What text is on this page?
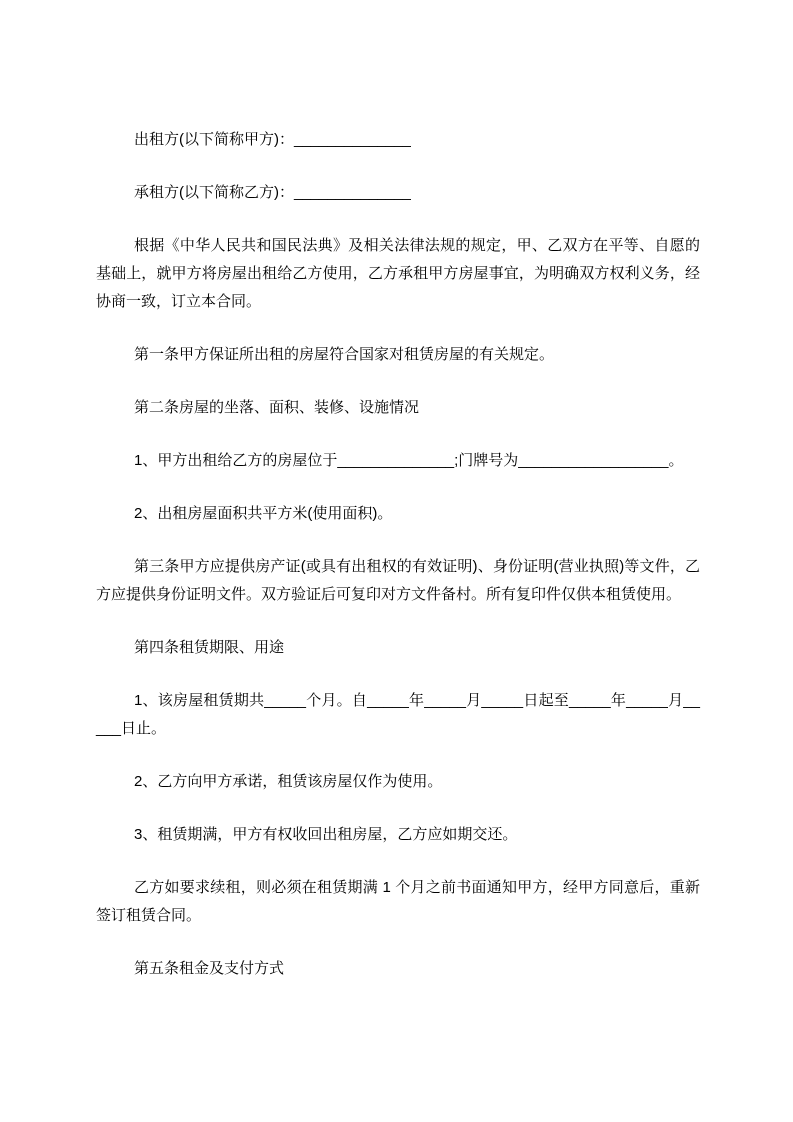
出租方(以下简称甲方)：______________

承租方(以下简称乙方)：______________

根据《中华人民共和国民法典》及相关法律法规的规定，甲、乙双方在平等、自愿的基础上，就甲方将房屋出租给乙方使用，乙方承租甲方房屋事宜，为明确双方权利义务，经协商一致，订立本合同。

第一条甲方保证所出租的房屋符合国家对租赁房屋的有关规定。

第二条房屋的坐落、面积、装修、设施情况

1、甲方出租给乙方的房屋位于______________;门牌号为__________________。

2、出租房屋面积共平方米(使用面积)。

第三条甲方应提供房产证(或具有出租权的有效证明)、身份证明(营业执照)等文件，乙方应提供身份证明文件。双方验证后可复印对方文件备村。所有复印件仅供本租赁使用。

第四条租赁期限、用途

1、该房屋租赁期共_____个月。自_____年_____月_____日起至_____年_____月_____日止。

2、乙方向甲方承诺，租赁该房屋仅作为使用。

3、租赁期满，甲方有权收回出租房屋，乙方应如期交还。

乙方如要求续租，则必须在租赁期满 1 个月之前书面通知甲方，经甲方同意后，重新签订租赁合同。

第五条租金及支付方式
